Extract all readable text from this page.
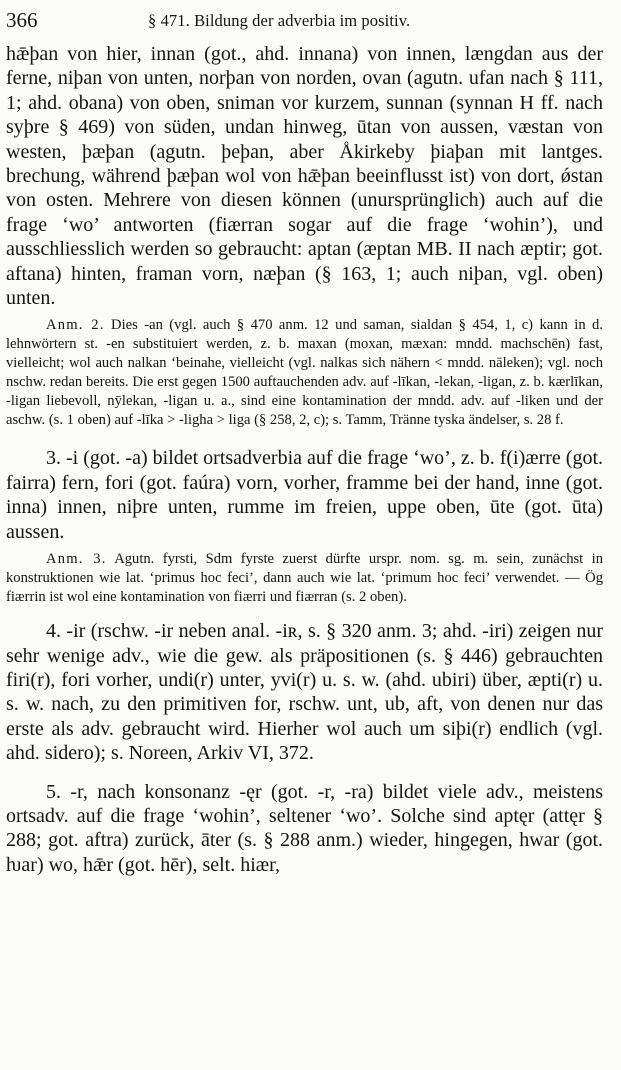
366	§ 471. Bildung der adverbia im positiv.

hǣþan von hier, innan (got., ahd. innana) von innen, længdan aus der ferne, niþan von unten, norþan von norden, ovan (agutn. ufan nach § 111, 1; ahd. obana) von oben, sniman vor kurzem, sunnan (synnan H ff. nach syþre § 469) von süden, undan hinweg, ūtan von aussen, væstan von westen, þæþan (agutn. þeþan, aber Åkirkeby þiaþan mit lantges. brechung, während þæþan wol von hǣþan beeinflusst ist) von dort, ǿstan von osten. Mehrere von diesen können (unursprünglich) auch auf die frage ‘wo’ antworten (fiærran sogar auf die frage ‘wohin’), und ausschliesslich werden so gebraucht: aptan (æptan MB. II nach æptir; got. aftana) hinten, framan vorn, næþan (§ 163, 1; auch niþan, vgl. oben) unten.

Anm. 2. Dies -an (vgl. auch § 470 anm. 12 und saman, sialdan § 454, 1, c) kann in d. lehnwörtern st. -en substituiert werden, z. b. maxan (moxan, mæxan: mndd. machschēn) fast, vielleicht; wol auch nalkan ‘beinahe, vielleicht (vgl. nalkas sich nähern < mndd. nāleken); vgl. noch nschw. redan bereits. Die erst gegen 1500 auftauchenden adv. auf -līkan, -lekan, -ligan, z. b. kærlīkan, -ligan liebevoll, nȳlekan, -ligan u. a., sind eine kontamination der mndd. adv. auf -liken und der aschw. (s. 1 oben) auf -līka > -ligha > liga (§ 258, 2, c); s. Tamm, Tränne tyska ändelser, s. 28 f.

3. -i (got. -a) bildet ortsadverbia auf die frage ‘wo’, z. b. f(i)ærre (got. fairra) fern, fori (got. faúra) vorn, vorher, framme bei der hand, inne (got. inna) innen, niþre unten, rumme im freien, uppe oben, ūte (got. ūta) aussen.

Anm. 3. Agutn. fyrsti, Sdm fyrste zuerst dürfte urspr. nom. sg. m. sein, zunächst in konstruktionen wie lat. ‘primus hoc feci’, dann auch wie lat. ‘primum hoc feci’ verwendet. — Ög fiærrin ist wol eine kontamination von fiærri und fiærran (s. 2 oben).

4. -ir (rschw. -ir neben anal. -iʀ, s. § 320 anm. 3; ahd. -iri) zeigen nur sehr wenige adv., wie die gew. als präpositionen (s. § 446) gebrauchten firi(r), fori vorher, undi(r) unter, yvi(r) u. s. w. (ahd. ubiri) über, æpti(r) u. s. w. nach, zu den primitiven for, rschw. unt, ub, aft, von denen nur das erste als adv. gebraucht wird. Hierher wol auch um siþi(r) endlich (vgl. ahd. sidero); s. Noreen, Arkiv VI, 372.

5. -r, nach konsonanz -ęr (got. -r, -ra) bildet viele adv., meistens ortsadv. auf die frage ‘wohin’, seltener ‘wo’. Solche sind aptęr (attęr § 288; got. aftra) zurück, āter (s. § 288 anm.) wieder, hingegen, hwar (got. ƕar) wo, hǣr (got. hēr), selt. hiær,
